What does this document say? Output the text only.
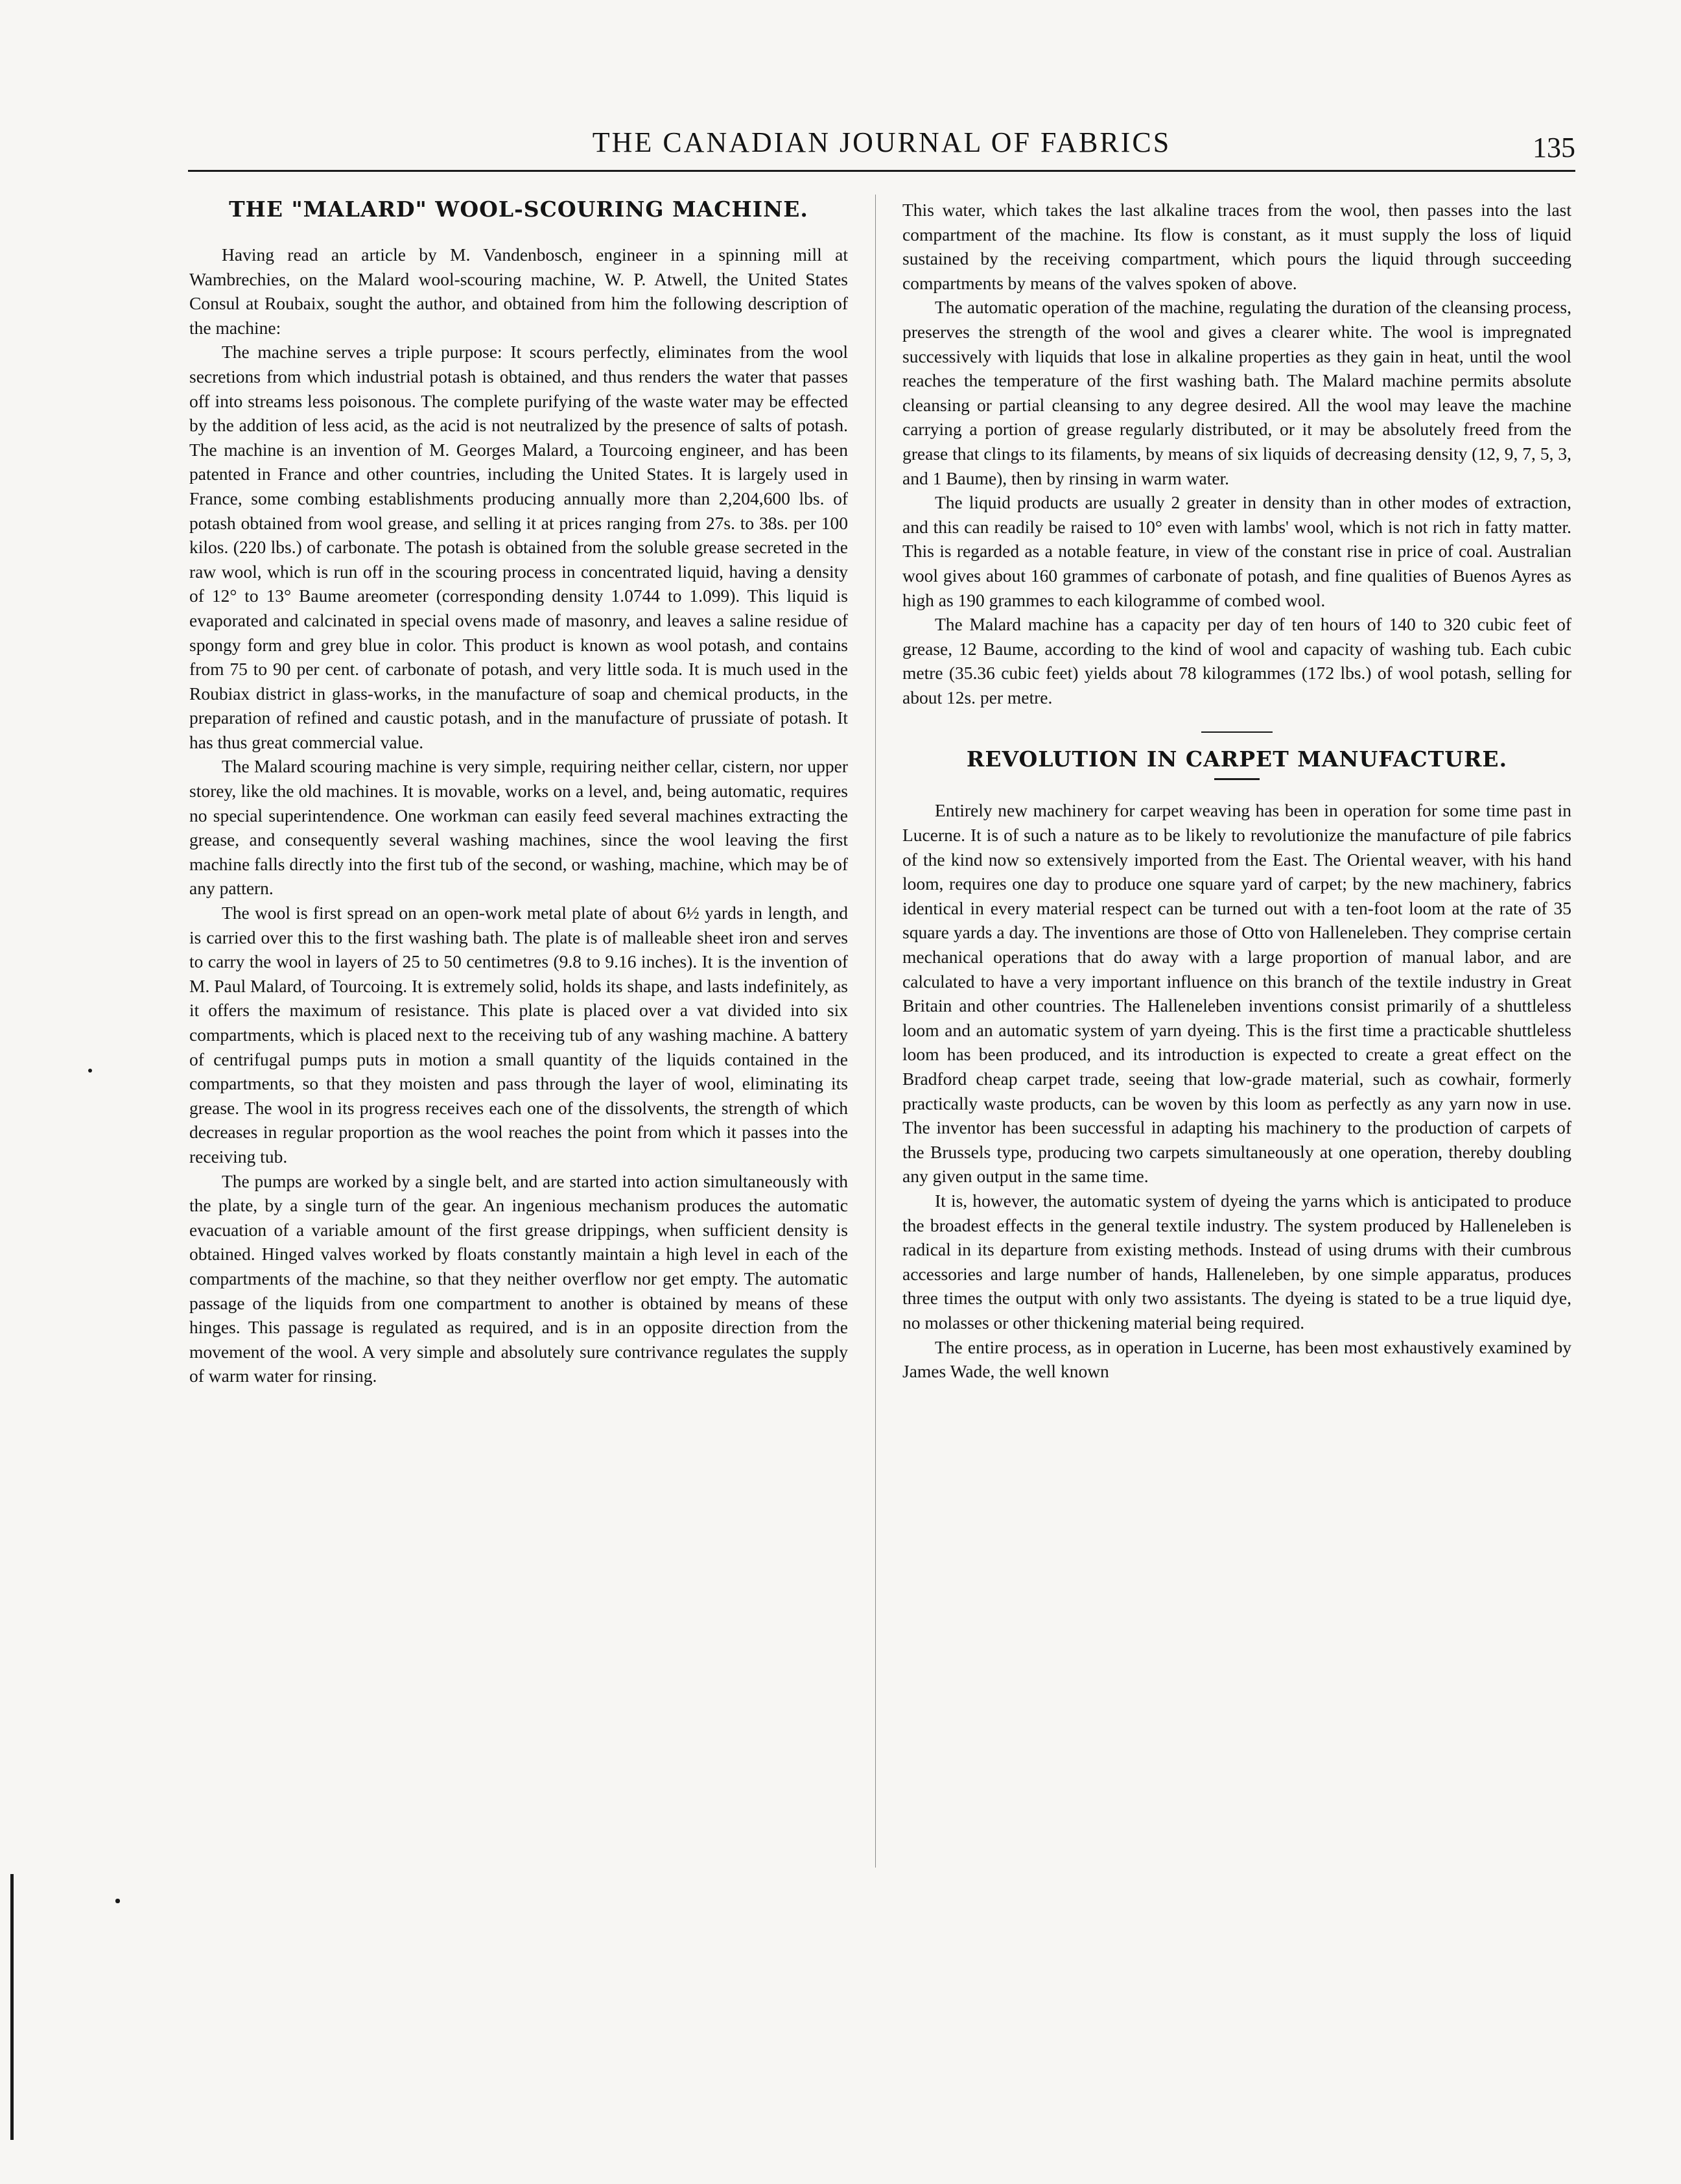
THE CANADIAN JOURNAL OF FABRICS	135
THE "MALARD" WOOL-SCOURING MACHINE.

Having read an article by M. Vandenbosch, engineer in a spinning mill at Wambrechies, on the Malard wool-scouring machine, W. P. Atwell, the United States Consul at Roubaix, sought the author, and obtained from him the following description of the machine:

The machine serves a triple purpose: It scours perfectly, eliminates from the wool secretions from which industrial potash is obtained, and thus renders the water that passes off into streams less poisonous. The complete purifying of the waste water may be effected by the addition of less acid, as the acid is not neutralized by the presence of salts of potash. The machine is an invention of M. Georges Malard, a Tourcoing engineer, and has been patented in France and other countries, including the United States. It is largely used in France, some combing establishments producing annually more than 2,204,600 lbs. of potash obtained from wool grease, and selling it at prices ranging from 27s. to 38s. per 100 kilos. (220 lbs.) of carbonate. The potash is obtained from the soluble grease secreted in the raw wool, which is run off in the scouring process in concentrated liquid, having a density of 12° to 13° Baume areometer (corresponding density 1.0744 to 1.099). This liquid is evaporated and calcinated in special ovens made of masonry, and leaves a saline residue of spongy form and grey blue in color. This product is known as wool potash, and contains from 75 to 90 per cent. of carbonate of potash, and very little soda. It is much used in the Roubiax district in glass-works, in the manufacture of soap and chemical products, in the preparation of refined and caustic potash, and in the manufacture of prussiate of potash. It has thus great commercial value.

The Malard scouring machine is very simple, requiring neither cellar, cistern, nor upper storey, like the old machines. It is movable, works on a level, and, being automatic, requires no special superintendence. One workman can easily feed several machines extracting the grease, and consequently several washing machines, since the wool leaving the first machine falls directly into the first tub of the second, or washing, machine, which may be of any pattern.

The wool is first spread on an open-work metal plate of about 6½ yards in length, and is carried over this to the first washing bath. The plate is of malleable sheet iron and serves to carry the wool in layers of 25 to 50 centimetres (9.8 to 9.16 inches). It is the invention of M. Paul Malard, of Tourcoing. It is extremely solid, holds its shape, and lasts indefinitely, as it offers the maximum of resistance. This plate is placed over a vat divided into six compartments, which is placed next to the receiving tub of any washing machine. A battery of centrifugal pumps puts in motion a small quantity of the liquids contained in the compartments, so that they moisten and pass through the layer of wool, eliminating its grease. The wool in its progress receives each one of the dissolvents, the strength of which decreases in regular proportion as the wool reaches the point from which it passes into the receiving tub.

The pumps are worked by a single belt, and are started into action simultaneously with the plate, by a single turn of the gear. An ingenious mechanism produces the automatic evacuation of a variable amount of the first grease drippings, when sufficient density is obtained. Hinged valves worked by floats constantly maintain a high level in each of the compartments of the machine, so that they neither overflow nor get empty. The automatic passage of the liquids from one compartment to another is obtained by means of these hinges. This passage is regulated as required, and is in an opposite direction from the movement of the wool. A very simple and absolutely sure contrivance regulates the supply of warm water for rinsing.

This water, which takes the last alkaline traces from the wool, then passes into the last compartment of the machine. Its flow is constant, as it must supply the loss of liquid sustained by the receiving compartment, which pours the liquid through succeeding compartments by means of the valves spoken of above.

The automatic operation of the machine, regulating the duration of the cleansing process, preserves the strength of the wool and gives a clearer white. The wool is impregnated successively with liquids that lose in alkaline properties as they gain in heat, until the wool reaches the temperature of the first washing bath. The Malard machine permits absolute cleansing or partial cleansing to any degree desired. All the wool may leave the machine carrying a portion of grease regularly distributed, or it may be absolutely freed from the grease that clings to its filaments, by means of six liquids of decreasing density (12, 9, 7, 5, 3, and 1 Baume), then by rinsing in warm water.

The liquid products are usually 2 greater in density than in other modes of extraction, and this can readily be raised to 10° even with lambs' wool, which is not rich in fatty matter. This is regarded as a notable feature, in view of the constant rise in price of coal. Australian wool gives about 160 grammes of carbonate of potash, and fine qualities of Buenos Ayres as high as 190 grammes to each kilogramme of combed wool.

The Malard machine has a capacity per day of ten hours of 140 to 320 cubic feet of grease, 12 Baume, according to the kind of wool and capacity of washing tub. Each cubic metre (35.36 cubic feet) yields about 78 kilogrammes (172 lbs.) of wool potash, selling for about 12s. per metre.

REVOLUTION IN CARPET MANUFACTURE.

Entirely new machinery for carpet weaving has been in operation for some time past in Lucerne. It is of such a nature as to be likely to revolutionize the manufacture of pile fabrics of the kind now so extensively imported from the East. The Oriental weaver, with his hand loom, requires one day to produce one square yard of carpet; by the new machinery, fabrics identical in every material respect can be turned out with a ten-foot loom at the rate of 35 square yards a day. The inventions are those of Otto von Halleneleben. They comprise certain mechanical operations that do away with a large proportion of manual labor, and are calculated to have a very important influence on this branch of the textile industry in Great Britain and other countries. The Halleneleben inventions consist primarily of a shuttleless loom and an automatic system of yarn dyeing. This is the first time a practicable shuttleless loom has been produced, and its introduction is expected to create a great effect on the Bradford cheap carpet trade, seeing that low-grade material, such as cowhair, formerly practically waste products, can be woven by this loom as perfectly as any yarn now in use. The inventor has been successful in adapting his machinery to the production of carpets of the Brussels type, producing two carpets simultaneously at one operation, thereby doubling any given output in the same time.

It is, however, the automatic system of dyeing the yarns which is anticipated to produce the broadest effects in the general textile industry. The system produced by Halleneleben is radical in its departure from existing methods. Instead of using drums with their cumbrous accessories and large number of hands, Halleneleben, by one simple apparatus, produces three times the output with only two assistants. The dyeing is stated to be a true liquid dye, no molasses or other thickening material being required.

The entire process, as in operation in Lucerne, has been most exhaustively examined by James Wade, the well known
